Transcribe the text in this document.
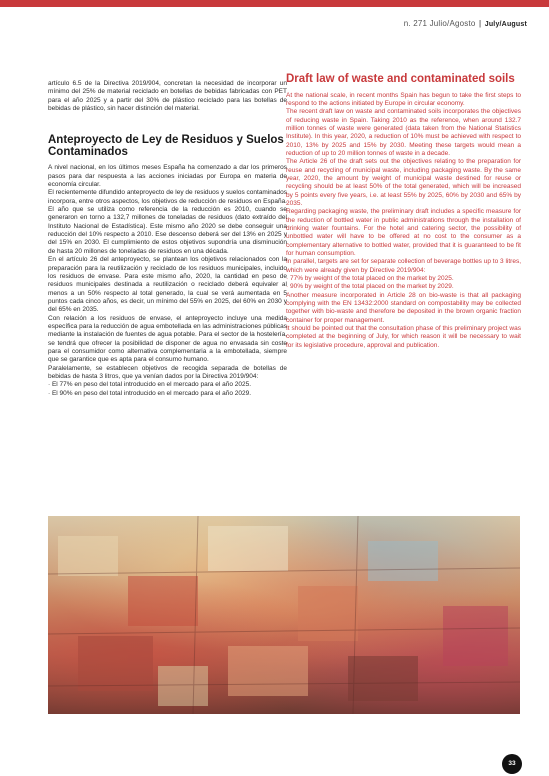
n. 271 Julio/Agosto | July/August

artículo 6.5 de la Directiva 2019/904, concretan la necesidad de incorporar un mínimo del 25% de material reciclado en botellas de bebidas fabricadas con PET para el año 2025 y a partir del 30% de plástico reciclado para las botellas de bebidas de plástico, sin hacer distinción del material.

Anteproyecto de Ley de Residuos y Suelos Contaminados

A nivel nacional, en los últimos meses España ha comenzado a dar los primeros pasos para dar respuesta a las acciones iniciadas por Europa en materia de economía circular.

El recientemente difundido anteproyecto de ley de residuos y suelos contaminados incorpora, entre otros aspectos, los objetivos de reducción de residuos en España. El año que se utiliza como referencia de la reducción es 2010, cuando se generaron en torno a 132,7 millones de toneladas de residuos (dato extraído del Instituto Nacional de Estadística). Este mismo año 2020 se debe conseguir una reducción del 10% respecto a 2010. Ese descenso deberá ser del 13% en 2025 y del 15% en 2030. El cumplimiento de estos objetivos supondría una disminución de hasta 20 millones de toneladas de residuos en una década.

En el artículo 26 del anteproyecto, se plantean los objetivos relacionados con la preparación para la reutilización y reciclado de los residuos municipales, incluido los residuos de envase. Para este mismo año, 2020, la cantidad en peso de residuos municipales destinada a reutilización o reciclado deberá equivaler al menos a un 50% respecto al total generado, la cual se verá aumentada en 5 puntos cada cinco años, es decir, un mínimo del 55% en 2025, del 60% en 2030 y del 65% en 2035.

Con relación a los residuos de envase, el anteproyecto incluye una medida específica para la reducción de agua embotellada en las administraciones públicas mediante la instalación de fuentes de agua potable. Para el sector de la hostelería, se tendrá que ofrecer la posibilidad de disponer de agua no envasada sin coste para el consumidor como alternativa complementaria a la embotellada, siempre que se garantice que es apta para el consumo humano.

Paralelamente, se establecen objetivos de recogida separada de botellas de bebidas de hasta 3 litros, que ya venían dados por la Directiva 2019/904:

· El 77% en peso del total introducido en el mercado para el año 2025.

· El 90% en peso del total introducido en el mercado para el año 2029.

Draft law of waste and contaminated soils

At the national scale, in recent months Spain has begun to take the first steps to respond to the actions initiated by Europe in circular economy.

The recent draft law on waste and contaminated soils incorporates the objectives of reducing waste in Spain. Taking 2010 as the reference, when around 132.7 million tonnes of waste were generated (data taken from the National Statistics Institute). In this year, 2020, a reduction of 10% must be achieved with respect to 2010, 13% by 2025 and 15% by 2030. Meeting these targets would mean a reduction of up to 20 million tonnes of waste in a decade.

The Article 26 of the draft sets out the objectives relating to the preparation for reuse and recycling of municipal waste, including packaging waste. By the same year, 2020, the amount by weight of municipal waste destined for reuse or recycling should be at least 50% of the total generated, which will be increased by 5 points every five years, i.e. at least 55% by 2025, 60% by 2030 and 65% by 2035.

Regarding packaging waste, the preliminary draft includes a specific measure for the reduction of bottled water in public administrations through the installation of drinking water fountains. For the hotel and catering sector, the possibility of unbottled water will have to be offered at no cost to the consumer as a complementary alternative to bottled water, provided that it is guaranteed to be fit for human consumption.

In parallel, targets are set for separate collection of beverage bottles up to 3 litres, which were already given by Directive 2019/904:

· 77% by weight of the total placed on the market by 2025.

· 90% by weight of the total placed on the market by 2029.

Another measure incorporated in Article 28 on bio-waste is that all packaging complying with the EN 13432:2000 standard on compostability may be collected together with bio-waste and therefore be deposited in the brown organic fraction container for proper management.

It should be pointed out that the consultation phase of this preliminary project was completed at the beginning of July, for which reason it will be necessary to wait for its legislative procedure, approval and publication.

33
